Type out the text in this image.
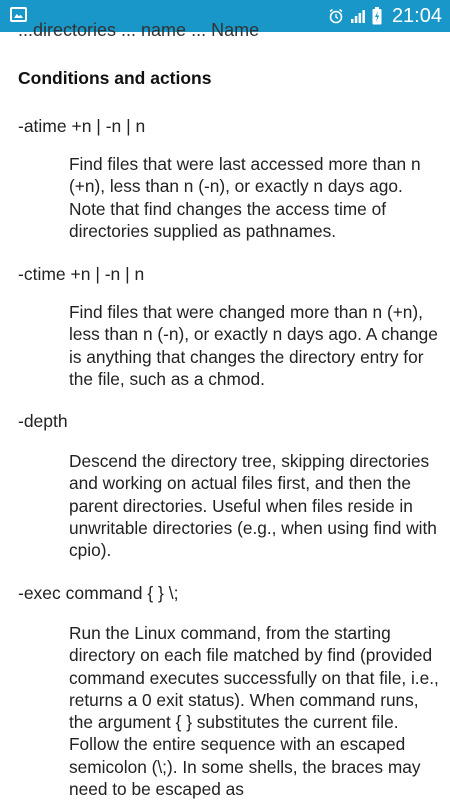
21:04
...directories ... name ... Name
Conditions and actions

-atime +n | -n | n

Find files that were last accessed more than n (+n), less than n (-n), or exactly n days ago. Note that find changes the access time of directories supplied as pathnames.

-ctime +n | -n | n

Find files that were changed more than n (+n), less than n (-n), or exactly n days ago. A change is anything that changes the directory entry for the file, such as a chmod.

-depth

Descend the directory tree, skipping directories and working on actual files first, and then the parent directories. Useful when files reside in unwritable directories (e.g., when using find with cpio).

-exec command { } \;

Run the Linux command, from the starting directory on each file matched by find (provided command executes successfully on that file, i.e., returns a 0 exit status). When command runs, the argument { } substitutes the current file. Follow the entire sequence with an escaped semicolon (\;). In some shells, the braces may need to be escaped as
